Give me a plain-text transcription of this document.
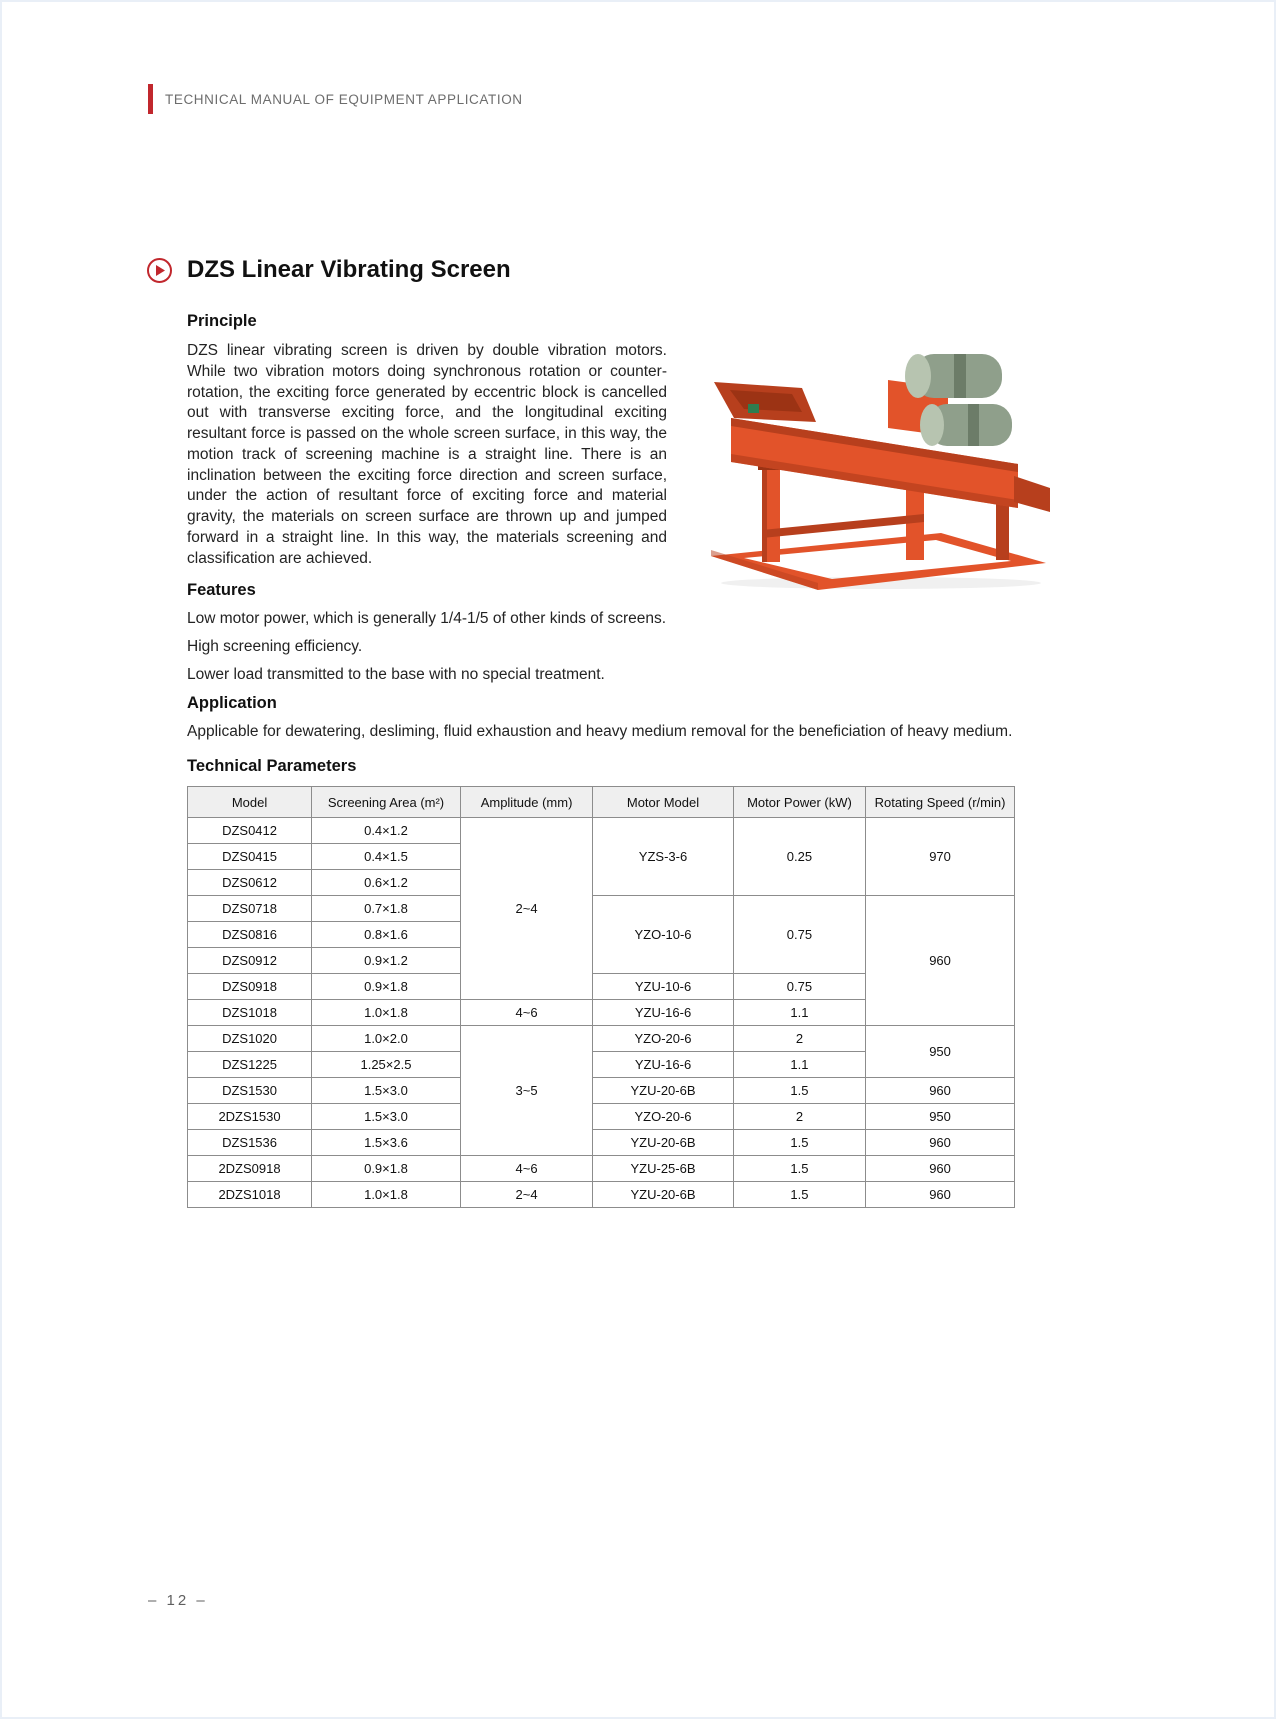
TECHNICAL MANUAL OF EQUIPMENT APPLICATION
DZS Linear Vibrating Screen
Principle

DZS linear vibrating screen is driven by double vibration motors. While two vibration motors doing synchronous rotation or counter-rotation, the exciting force generated by eccentric block is cancelled out with transverse exciting force, and the longitudinal exciting resultant force is passed on the whole screen surface, in this way, the motion track of screening machine is a straight line. There is an inclination between the exciting force direction and screen surface, under the action of resultant force of exciting force and material gravity, the materials on screen surface are thrown up and jumped forward in a straight line. In this way, the materials screening and classification are achieved.

Features

Low motor power, which is generally 1/4-1/5 of other kinds of screens.

High screening efficiency.

Lower load transmitted to the base with no special treatment.

Application

Applicable for dewatering, desliming, fluid exhaustion and heavy medium removal for the beneficiation of heavy medium.

Technical Parameters
Model	Screening Area (m²)	Amplitude (mm)	Motor Model	Motor Power (kW)	Rotating Speed (r/min)
DZS0412	0.4×1.2	2~4	YZS-3-6	0.25	970
DZS0415	0.4×1.5				
DZS0612	0.6×1.2				
DZS0718	0.7×1.8		YZO-10-6	0.75	960
DZS0816	0.8×1.6				
DZS0912	0.9×1.2				
DZS0918	0.9×1.8		YZU-10-6	0.75	
DZS1018	1.0×1.8	4~6	YZU-16-6	1.1	
DZS1020	1.0×2.0	3~5	YZO-20-6	2	950
DZS1225	1.25×2.5		YZU-16-6	1.1	
DZS1530	1.5×3.0		YZU-20-6B	1.5	960
2DZS1530	1.5×3.0		YZO-20-6	2	950
DZS1536	1.5×3.6		YZU-20-6B	1.5	960
2DZS0918	0.9×1.8	4~6	YZU-25-6B	1.5	960
2DZS1018	1.0×1.8	2~4	YZU-20-6B	1.5	960
– 12 –
